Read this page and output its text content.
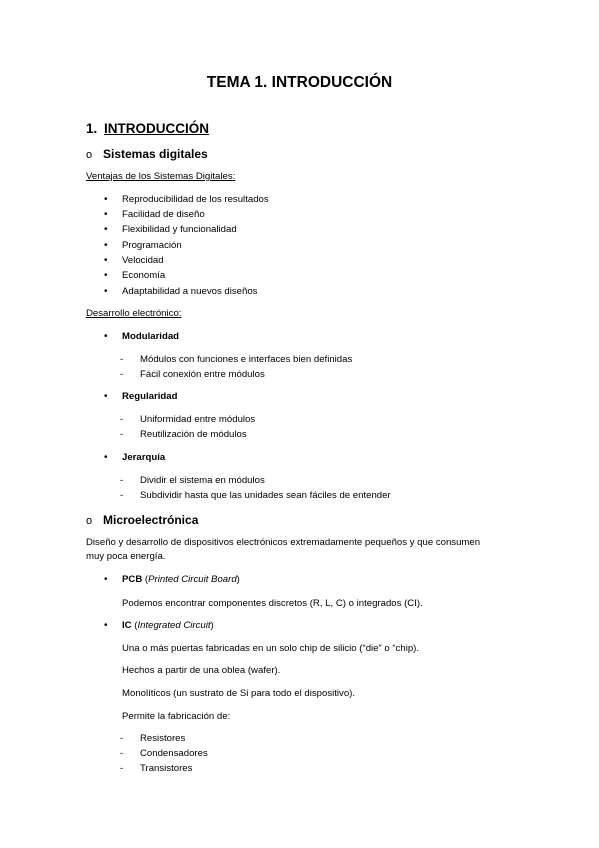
TEMA 1. INTRODUCCIÓN
1. INTRODUCCIÓN
o Sistemas digitales
Ventajas de los Sistemas Digitales:
• Reproducibilidad de los resultados
• Facilidad de diseño
• Flexibilidad y funcionalidad
• Programación
• Velocidad
• Economía
• Adaptabilidad a nuevos diseños
Desarrollo electrónico:
• Modularidad
- Módulos con funciones e interfaces bien definidas
- Fácil conexión entre módulos
• Regularidad
- Uniformidad entre módulos
- Reutilización de módulos
• Jerarquía
- Dividir el sistema en módulos
- Subdividir hasta que las unidades sean fáciles de entender
o Microelectrónica
Diseño y desarrollo de dispositivos electrónicos extremadamente pequeños y que consumen
muy poca energía.
• PCB (Printed Circuit Board)
Podemos encontrar componentes discretos (R, L, C) o integrados (CI).
• IC (Integrated Circuit)
Una o más puertas fabricadas en un solo chip de silicio (“die” o “chip).
Hechos a partir de una oblea (wafer).
Monolíticos (un sustrato de Si para todo el dispositivo).
Permite la fabricación de:
- Resistores
- Condensadores
- Transistores
